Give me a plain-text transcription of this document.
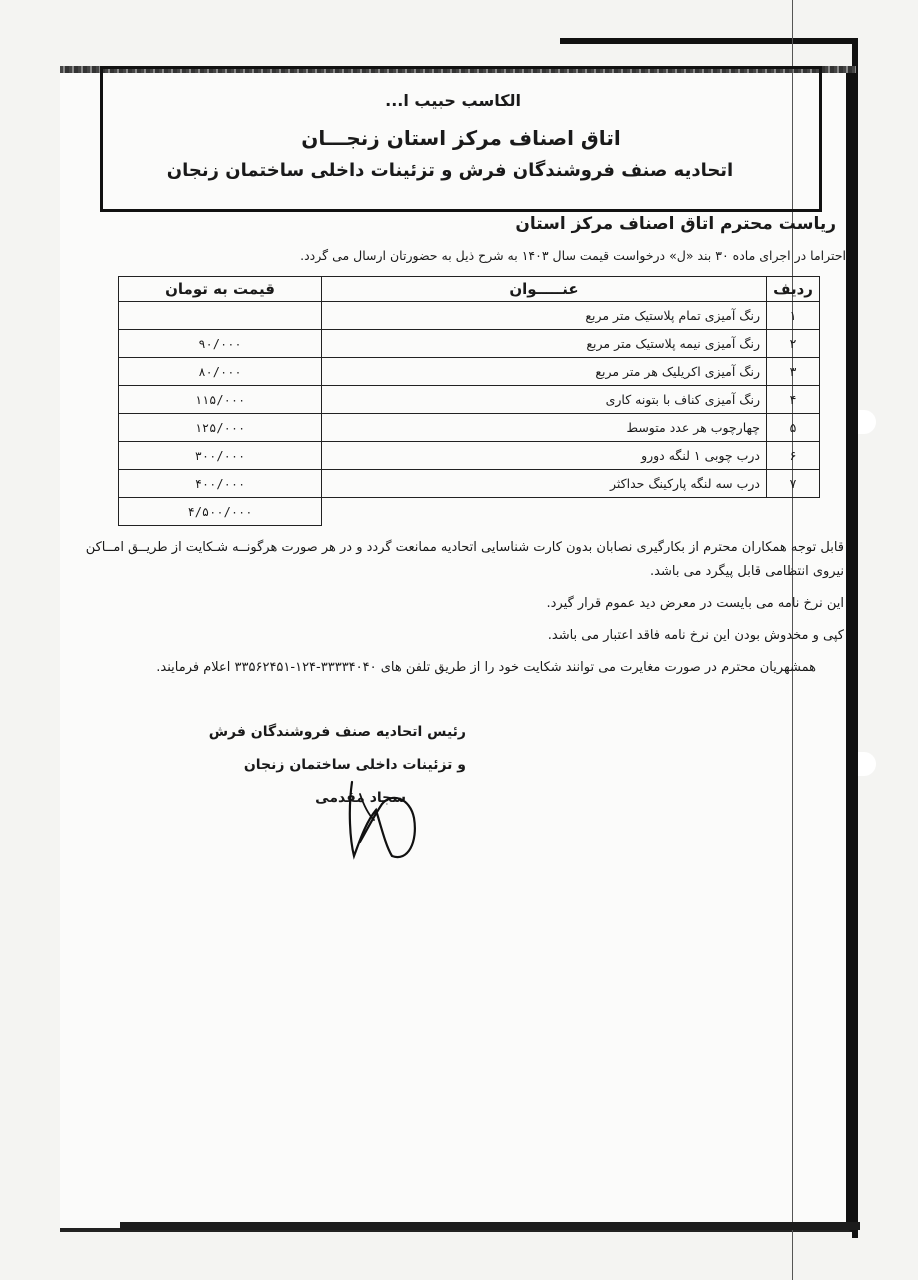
الکاسب حبیب ا...
اتاق اصناف مرکز استان زنجـــان
اتحادیه صنف فروشندگان فرش و تزئینات داخلی ساختمان زنجان
ریاست محترم اتاق اصناف مرکز استان
احتراما در اجرای ماده ۳۰ بند «ل» درخواست قیمت سال ۱۴۰۳ به شرح ذیل به حضورتان ارسال می گردد.
ردیف	عنـــــوان	قیمت به تومان
۱	رنگ آمیزی تمام پلاستیک متر مربع	
۲	رنگ آمیزی نیمه پلاستیک متر مربع	۹۰/۰۰۰
۳	رنگ آمیزی اکریلیک هر متر مربع	۸۰/۰۰۰
۴	رنگ آمیزی کناف با بتونه کاری	۱۱۵/۰۰۰
۵	چهارچوب هر عدد متوسط	۱۲۵/۰۰۰
۶	درب چوبی ۱ لنگه دورو	۳۰۰/۰۰۰
۷	درب سه لنگه پارکینگ حداکثر	۴۰۰/۰۰۰
		۴/۵۰۰/۰۰۰
قابل توجه همکاران محترم از بکارگیری نصابان بدون کارت شناسایی اتحادیه ممانعت گردد و در هر صورت هرگونــه شـکایت از طریــق امــاکن
نیروی انتظامی قابل پیگرد می باشد.
این نرخ نامه می بایست در معرض دید عموم قرار گیرد.
کپی و مخدوش بودن این نرخ نامه فاقد اعتبار می باشد.
همشهریان محترم در صورت مغایرت می توانند شکایت خود را از طریق تلفن های ۳۳۳۳۴۰۴۰-۱۲۴-۳۳۵۶۲۴۵۱ اعلام فرمایند.
رئیس اتحادیه صنف فروشندگان فرش
و تزئینات داخلی ساختمان زنجان
سجاد مقدمی
